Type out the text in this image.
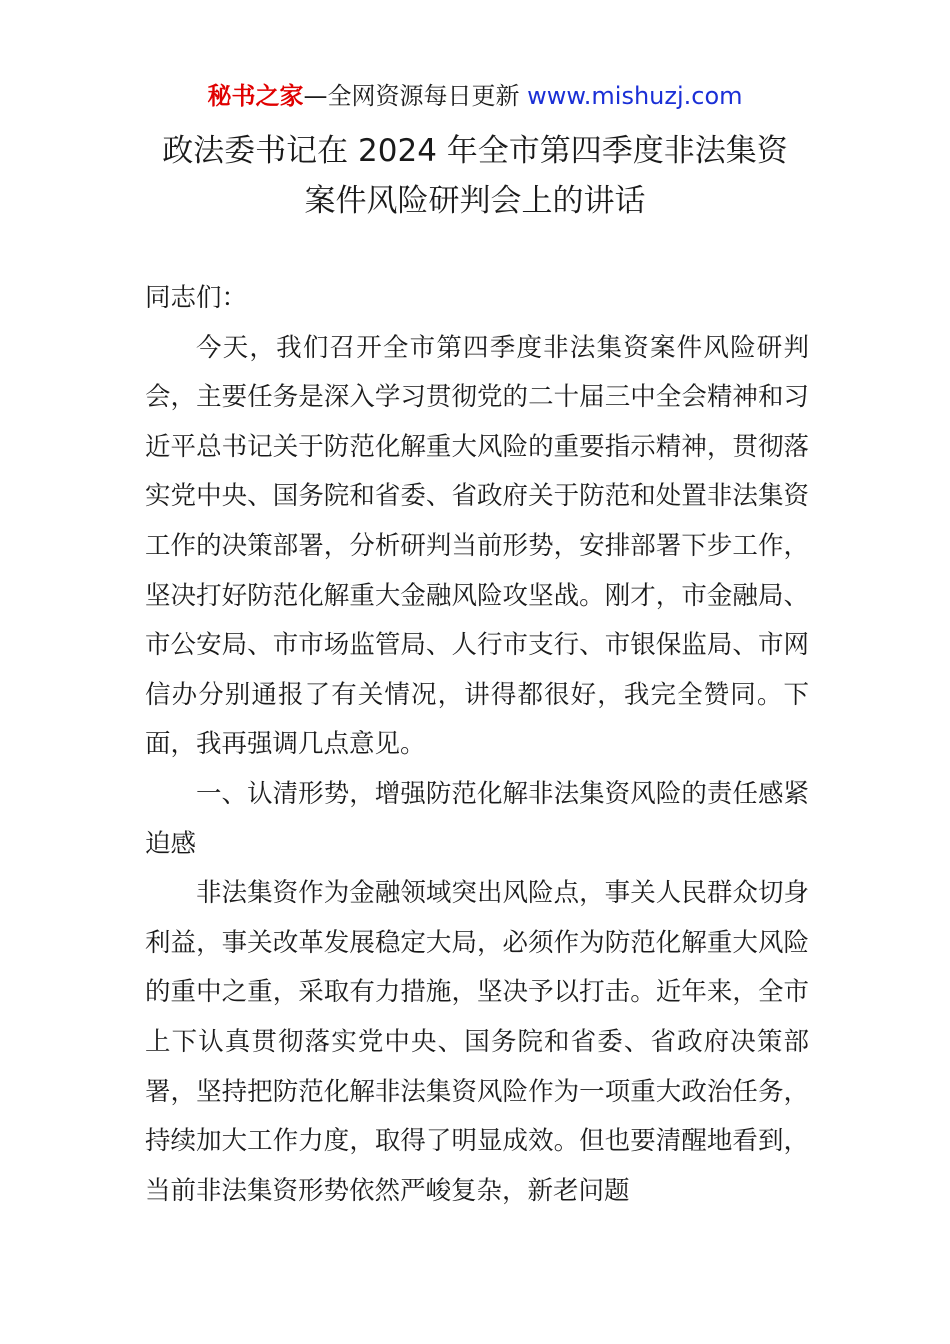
秘书之家—全网资源每日更新 www.mishuzj.com
政法委书记在 2024 年全市第四季度非法集资
案件风险研判会上的讲话

同志们：

今天，我们召开全市第四季度非法集资案件风险研判会，主要任务是深入学习贯彻党的二十届三中全会精神和习近平总书记关于防范化解重大风险的重要指示精神，贯彻落实党中央、国务院和省委、省政府关于防范和处置非法集资工作的决策部署，分析研判当前形势，安排部署下步工作，坚决打好防范化解重大金融风险攻坚战。刚才，市金融局、市公安局、市市场监管局、人行市支行、市银保监局、市网信办分别通报了有关情况，讲得都很好，我完全赞同。下面，我再强调几点意见。

一、认清形势，增强防范化解非法集资风险的责任感紧迫感

非法集资作为金融领域突出风险点，事关人民群众切身利益，事关改革发展稳定大局，必须作为防范化解重大风险的重中之重，采取有力措施，坚决予以打击。近年来，全市上下认真贯彻落实党中央、国务院和省委、省政府决策部署，坚持把防范化解非法集资风险作为一项重大政治任务，持续加大工作力度，取得了明显成效。但也要清醒地看到，当前非法集资形势依然严峻复杂，新老问题
